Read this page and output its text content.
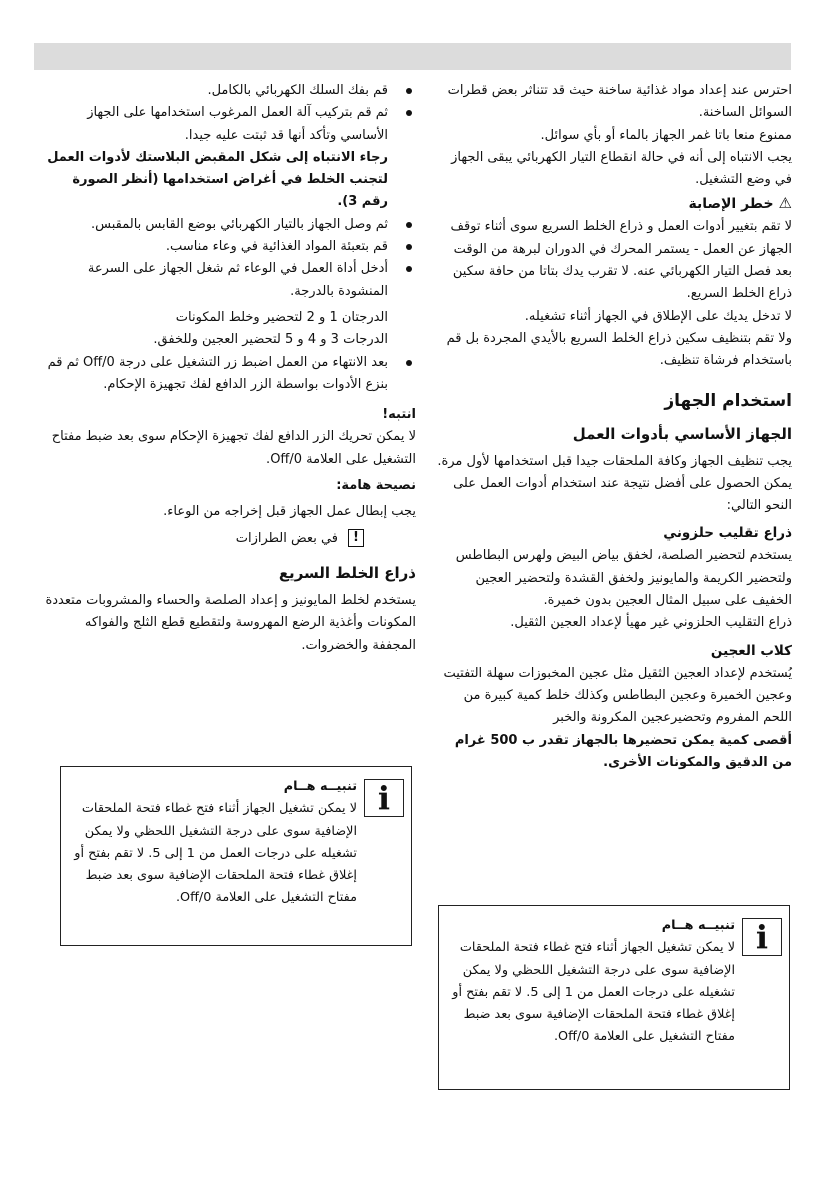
احترس عند إعداد مواد غذائية ساخنة حيث قد تتناثر بعض قطرات السوائل الساخنة.

ممنوع منعا باتا غمر الجهاز بالماء أو بأي سوائل.

يجب الانتباه إلى أنه في حالة انقطاع التيار الكهربائي يبقى الجهاز في وضع التشغيل.

⚠خطر الإصابة

لا تقم بتغيير أدوات العمل و ذراع الخلط السريع سوى أثناء توقف الجهاز عن العمل - يستمر المحرك في الدوران لبرهة من الوقت بعد فصل التيار الكهربائي عنه. لا تقرب يدك بتاتا من حافة سكين ذراع الخلط السريع.

لا تدخل يديك على الإطلاق في الجهاز أثناء تشغيله.

ولا تقم بتنظيف سكين ذراع الخلط السريع بالأيدي المجردة بل قم باستخدام فرشاة تنظيف.

استخدام الجهاز
الجهاز الأساسي بأدوات العمل

يجب تنظيف الجهاز وكافة الملحقات جيدا قبل استخدامها لأول مرة.

يمكن الحصول على أفضل نتيجة عند استخدام أدوات العمل على النحو التالي:

ذراع تقليب حلزوني

يستخدم لتحضير الصلصة، لخفق بياض البيض ولهرس البطاطس ولتحضير الكريمة والمايونيز ولخفق القشدة ولتحضير العجين الخفيف على سبيل المثال العجين بدون خميرة.

ذراع التقليب الحلزوني غير مهيأ لإعداد العجين الثقيل.

كلاب العجين

يُستخدم لإعداد العجين الثقيل مثل عجين المخبوزات سهلة التفتيت وعجين الخميرة وعجين البطاطس وكذلك خلط كمية كبيرة من اللحم المفروم وتحضيرعجين المكرونة والخبر

أقصى كمية يمكن تحضيرها بالجهاز تقدر ب 500 غرام من الدقيق والمكونات الأخرى.

قم بفك السلك الكهربائي بالكامل.
ثم قم بتركيب آلة العمل المرغوب استخدامها على الجهاز الأساسي وتأكد أنها قد ثبتت عليه جيدا.
رجاء الانتباه إلى شكل المقبض البلاستك لأدوات العمل لتجنب الخلط في أغراض استخدامها (أنظر الصورة رقم 3).
ثم وصل الجهاز بالتيار الكهربائي بوضع القابس بالمقبس.
قم بتعبئة المواد الغذائية في وعاء مناسب.
أدخل أداة العمل في الوعاء ثم شغل الجهاز على السرعة المنشودة بالدرجة.

الدرجتان 1 و 2 لتحضير وخلط المكونات

الدرجات 3 و 4 و 5 لتحضير العجين وللخفق.

بعد الانتهاء من العمل اضبط زر التشغيل على درجة Off/0 ثم قم بنزع الأدوات بواسطة الزر الدافع لفك تجهيزة الإحكام.

انتبه!

لا يمكن تحريك الزر الدافع لفك تجهيزة الإحكام سوى بعد ضبط مفتاح التشغيل على العلامة Off/0.

نصيحة هامة:

يجب إبطال عمل الجهاز قبل إخراجه من الوعاء.

!في بعض الطرازات

ذراع الخلط السريع

يستخدم لخلط المايونيز و إعداد الصلصة والحساء والمشروبات متعددة المكونات وأغذية الرضع المهروسة ولتقطيع قطع الثلج والفواكه المجففة والخضروات.

i
تنبيــه هــام
لا يمكن تشغيل الجهاز أثناء فتح غطاء فتحة الملحقات الإضافية سوى على درجة التشغيل اللحظي ولا يمكن تشغيله على درجات العمل من 1 إلى 5. لا تقم بفتح أو إغلاق غطاء فتحة الملحقات الإضافية سوى بعد ضبط مفتاح التشغيل على العلامة Off/0.
i
تنبيــه هــام
لا يمكن تشغيل الجهاز أثناء فتح غطاء فتحة الملحقات الإضافية سوى على درجة التشغيل اللحظي ولا يمكن تشغيله على درجات العمل من 1 إلى 5. لا تقم بفتح أو إغلاق غطاء فتحة الملحقات الإضافية سوى بعد ضبط مفتاح التشغيل على العلامة Off/0.
